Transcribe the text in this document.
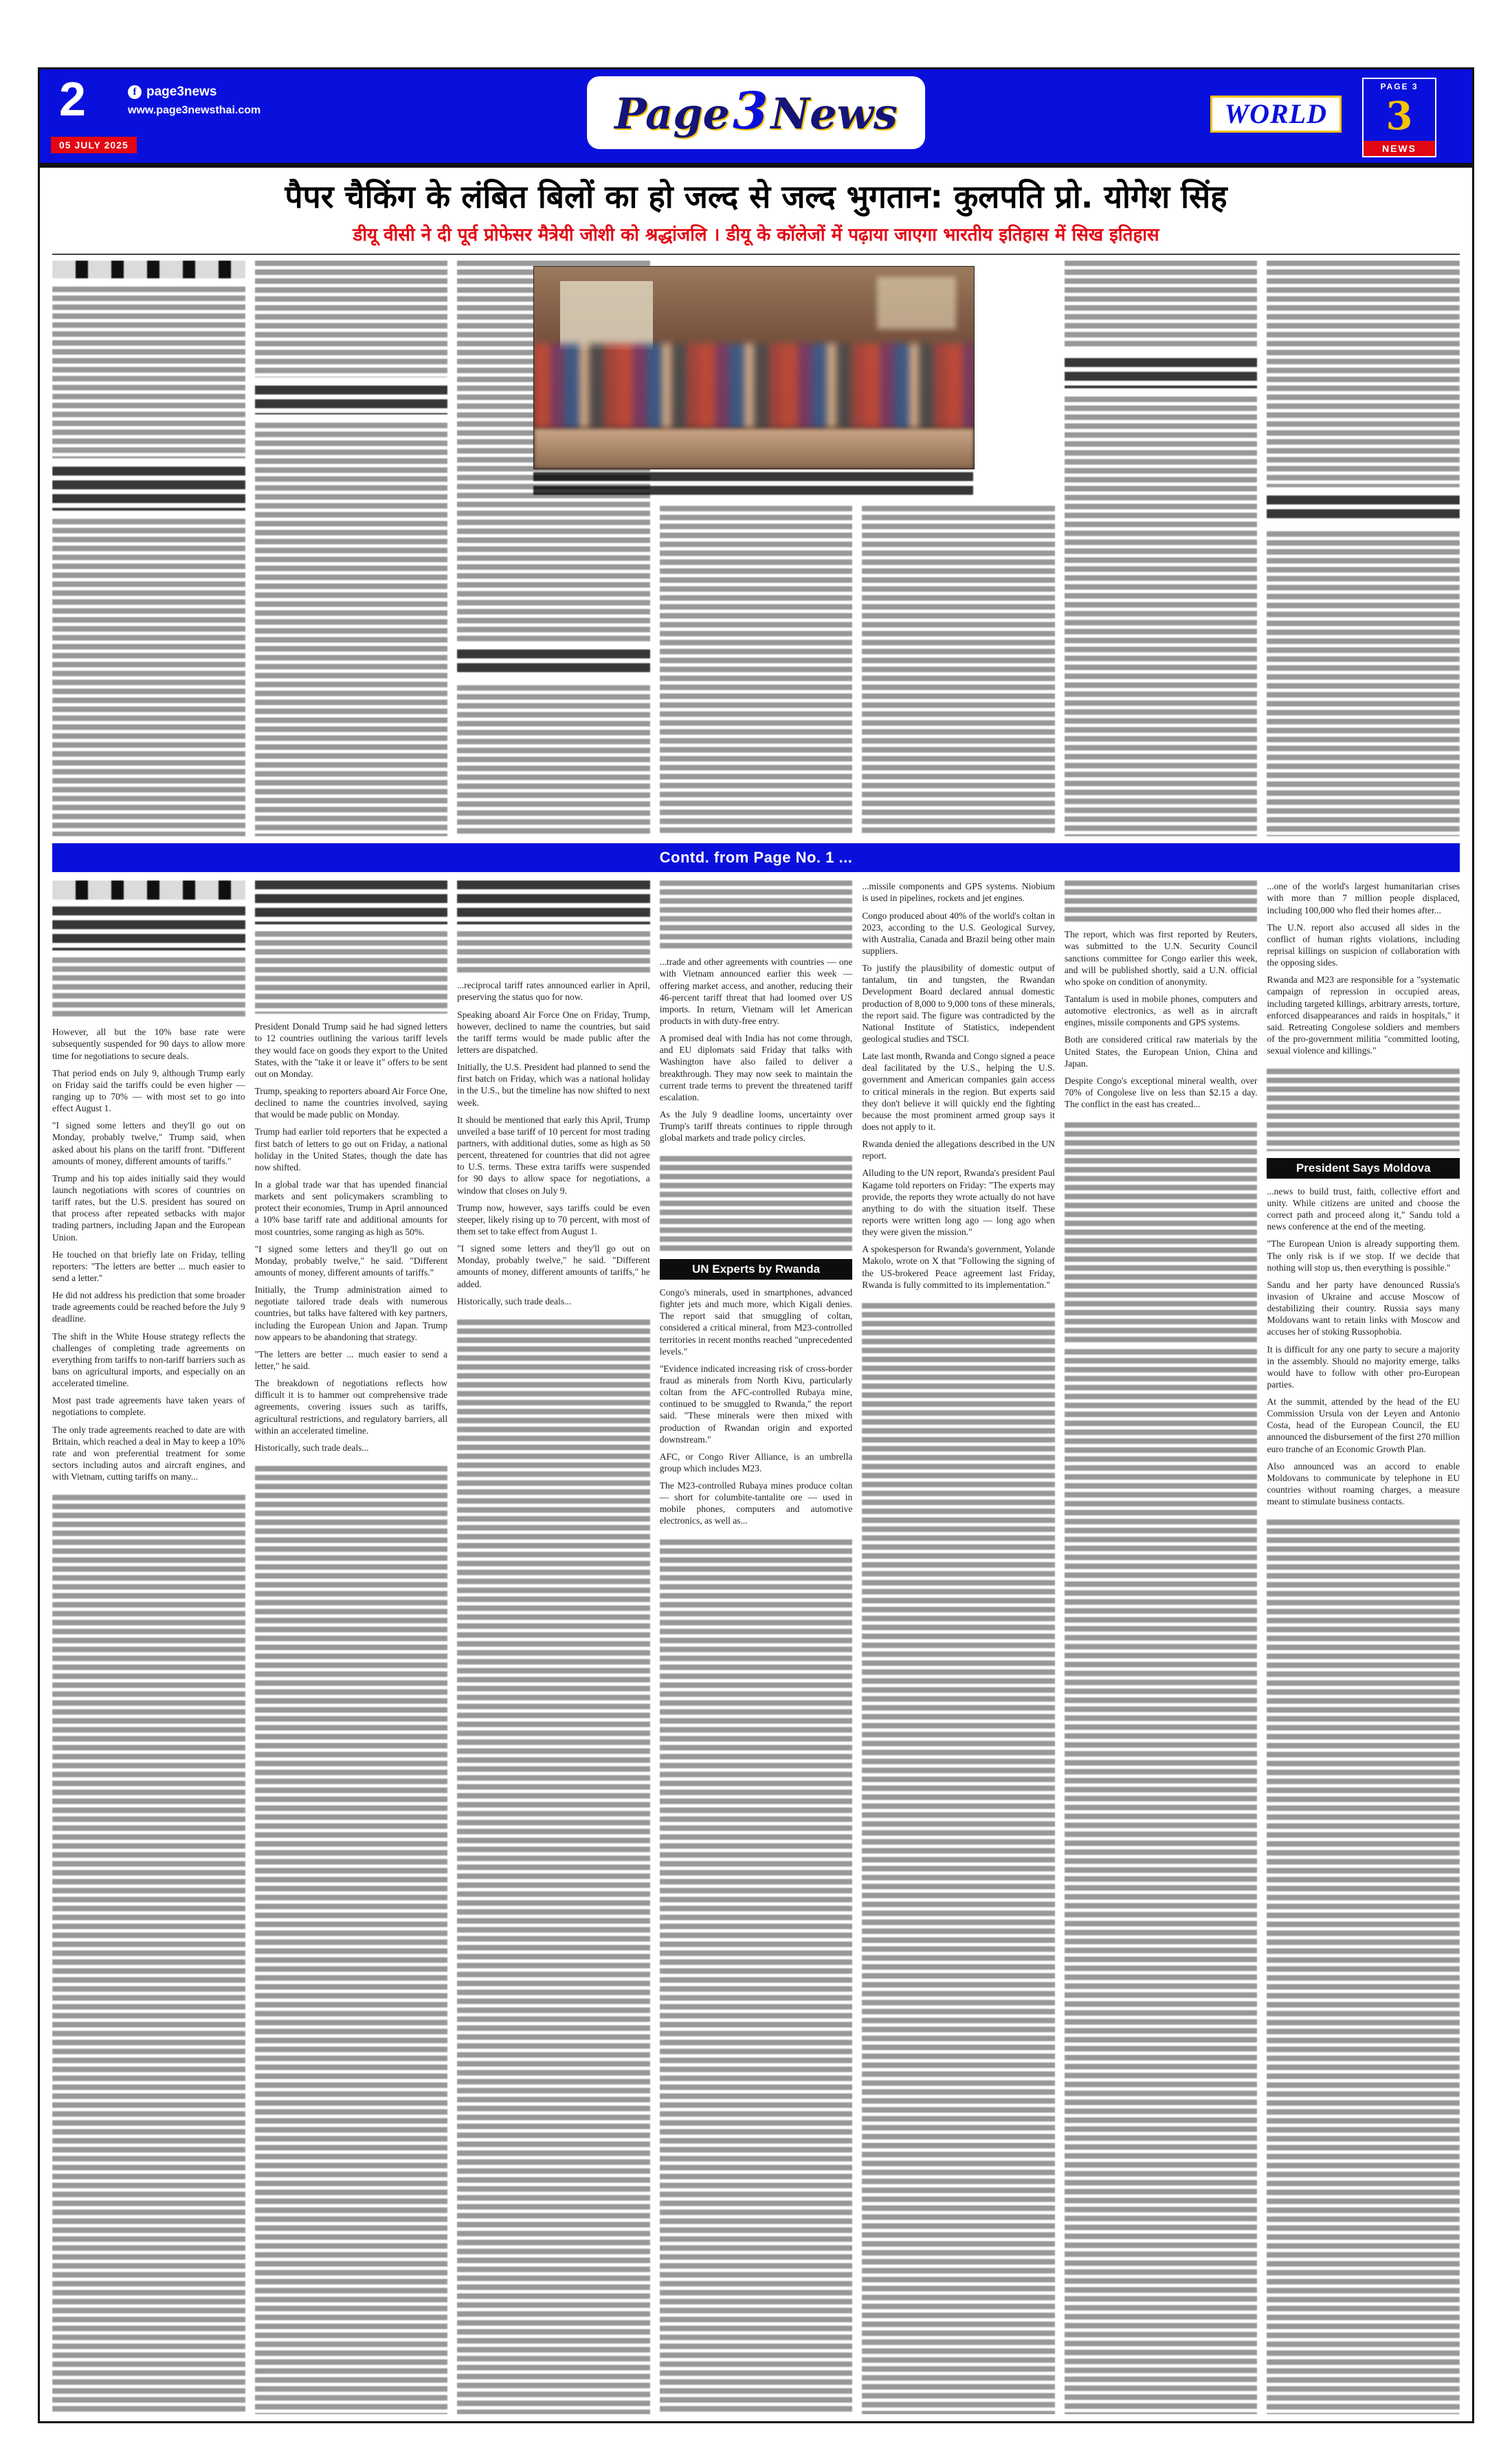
2	f page3news
www.page3newsthai.com
05 JULY 2025
Page3News	WORLD
PAGE 3
3
NEWS
पैपर चैकिंग के लंबित बिलों का हो जल्द से जल्द भुगतान: कुलपति प्रो. योगेश सिंह
डीयू वीसी ने दी पूर्व प्रोफेसर मैत्रेयी जोशी को श्रद्धांजलि । डीयू के कॉलेजों में पढ़ाया जाएगा भारतीय इतिहास में सिख इतिहास
Contd. from Page No. 1 ...

However, all but the 10% base rate were subsequently suspended for 90 days to allow more time for negotiations to secure deals.

That period ends on July 9, although Trump early on Friday said the tariffs could be even higher — ranging up to 70% — with most set to go into effect August 1.

"I signed some letters and they'll go out on Monday, probably twelve," Trump said, when asked about his plans on the tariff front. "Different amounts of money, different amounts of tariffs."

Trump and his top aides initially said they would launch negotiations with scores of countries on tariff rates, but the U.S. president has soured on that process after repeated setbacks with major trading partners, including Japan and the European Union.

He touched on that briefly late on Friday, telling reporters: "The letters are better ... much easier to send a letter."

He did not address his prediction that some broader trade agreements could be reached before the July 9 deadline.

The shift in the White House strategy reflects the challenges of completing trade agreements on everything from tariffs to non-tariff barriers such as bans on agricultural imports, and especially on an accelerated timeline.

Most past trade agreements have taken years of negotiations to complete.

The only trade agreements reached to date are with Britain, which reached a deal in May to keep a 10% rate and won preferential treatment for some sectors including autos and aircraft engines, and with Vietnam, cutting tariffs on many...

President Donald Trump said he had signed letters to 12 countries outlining the various tariff levels they would face on goods they export to the United States, with the "take it or leave it" offers to be sent out on Monday.

Trump, speaking to reporters aboard Air Force One, declined to name the countries involved, saying that would be made public on Monday.

Trump had earlier told reporters that he expected a first batch of letters to go out on Friday, a national holiday in the United States, though the date has now shifted.

In a global trade war that has upended financial markets and sent policymakers scrambling to protect their economies, Trump in April announced a 10% base tariff rate and additional amounts for most countries, some ranging as high as 50%.

"I signed some letters and they'll go out on Monday, probably twelve," he said. "Different amounts of money, different amounts of tariffs."

Initially, the Trump administration aimed to negotiate tailored trade deals with numerous countries, but talks have faltered with key partners, including the European Union and Japan. Trump now appears to be abandoning that strategy.

"The letters are better ... much easier to send a letter," he said.

The breakdown of negotiations reflects how difficult it is to hammer out comprehensive trade agreements, covering issues such as tariffs, agricultural restrictions, and regulatory barriers, all within an accelerated timeline.

Historically, such trade deals...

...reciprocal tariff rates announced earlier in April, preserving the status quo for now.

Speaking aboard Air Force One on Friday, Trump, however, declined to name the countries, but said the tariff terms would be made public after the letters are dispatched.

Initially, the U.S. President had planned to send the first batch on Friday, which was a national holiday in the U.S., but the timeline has now shifted to next week.

It should be mentioned that early this April, Trump unveiled a base tariff of 10 percent for most trading partners, with additional duties, some as high as 50 percent, threatened for countries that did not agree to U.S. terms. These extra tariffs were suspended for 90 days to allow space for negotiations, a window that closes on July 9.

Trump now, however, says tariffs could be even steeper, likely rising up to 70 percent, with most of them set to take effect from August 1.

"I signed some letters and they'll go out on Monday, probably twelve," he said. "Different amounts of money, different amounts of tariffs," he added.

Historically, such trade deals...

...trade and other agreements with countries — one with Vietnam announced earlier this week — offering market access, and another, reducing their 46-percent tariff threat that had loomed over US imports. In return, Vietnam will let American products in with duty-free entry.

A promised deal with India has not come through, and EU diplomats said Friday that talks with Washington have also failed to deliver a breakthrough. They may now seek to maintain the current trade terms to prevent the threatened tariff escalation.

As the July 9 deadline looms, uncertainty over Trump's tariff threats continues to ripple through global markets and trade policy circles.

UN Experts by Rwanda

Congo's minerals, used in smartphones, advanced fighter jets and much more, which Kigali denies. The report said that smuggling of coltan, considered a critical mineral, from M23-controlled territories in recent months reached "unprecedented levels."

"Evidence indicated increasing risk of cross-border fraud as minerals from North Kivu, particularly coltan from the AFC-controlled Rubaya mine, continued to be smuggled to Rwanda," the report said. "These minerals were then mixed with production of Rwandan origin and exported downstream."

AFC, or Congo River Alliance, is an umbrella group which includes M23.

The M23-controlled Rubaya mines produce coltan — short for columbite-tantalite ore — used in mobile phones, computers and automotive electronics, as well as...

...missile components and GPS systems. Niobium is used in pipelines, rockets and jet engines.

Congo produced about 40% of the world's coltan in 2023, according to the U.S. Geological Survey, with Australia, Canada and Brazil being other main suppliers.

To justify the plausibility of domestic output of tantalum, tin and tungsten, the Rwandan Development Board declared annual domestic production of 8,000 to 9,000 tons of these minerals, the report said. The figure was contradicted by the National Institute of Statistics, independent geological studies and TSCI.

Late last month, Rwanda and Congo signed a peace deal facilitated by the U.S., helping the U.S. government and American companies gain access to critical minerals in the region. But experts said they don't believe it will quickly end the fighting because the most prominent armed group says it does not apply to it.

Rwanda denied the allegations described in the UN report.

Alluding to the UN report, Rwanda's president Paul Kagame told reporters on Friday: "The experts may provide, the reports they wrote actually do not have anything to do with the situation itself. These reports were written long ago — long ago when they were given the mission."

A spokesperson for Rwanda's government, Yolande Makolo, wrote on X that "Following the signing of the US-brokered Peace agreement last Friday, Rwanda is fully committed to its implementation."

The report, which was first reported by Reuters, was submitted to the U.N. Security Council sanctions committee for Congo earlier this week, and will be published shortly, said a U.N. official who spoke on condition of anonymity.

Tantalum is used in mobile phones, computers and automotive electronics, as well as in aircraft engines, missile components and GPS systems.

Both are considered critical raw materials by the United States, the European Union, China and Japan.

Despite Congo's exceptional mineral wealth, over 70% of Congolese live on less than $2.15 a day. The conflict in the east has created...

...one of the world's largest humanitarian crises with more than 7 million people displaced, including 100,000 who fled their homes after...

The U.N. report also accused all sides in the conflict of human rights violations, including reprisal killings on suspicion of collaboration with the opposing sides.

Rwanda and M23 are responsible for a "systematic campaign of repression in occupied areas, including targeted killings, arbitrary arrests, torture, enforced disappearances and raids in hospitals," it said. Retreating Congolese soldiers and members of the pro-government militia "committed looting, sexual violence and killings."

President Says Moldova

...news to build trust, faith, collective effort and unity. While citizens are united and choose the correct path and proceed along it," Sandu told a news conference at the end of the meeting.

"The European Union is already supporting them. The only risk is if we stop. If we decide that nothing will stop us, then everything is possible."

Sandu and her party have denounced Russia's invasion of Ukraine and accuse Moscow of destabilizing their country. Russia says many Moldovans want to retain links with Moscow and accuses her of stoking Russophobia.

It is difficult for any one party to secure a majority in the assembly. Should no majority emerge, talks would have to follow with other pro-European parties.

At the summit, attended by the head of the EU Commission Ursula von der Leyen and Antonio Costa, head of the European Council, the EU announced the disbursement of the first 270 million euro tranche of an Economic Growth Plan.

Also announced was an accord to enable Moldovans to communicate by telephone in EU countries without roaming charges, a measure meant to stimulate business contacts.
